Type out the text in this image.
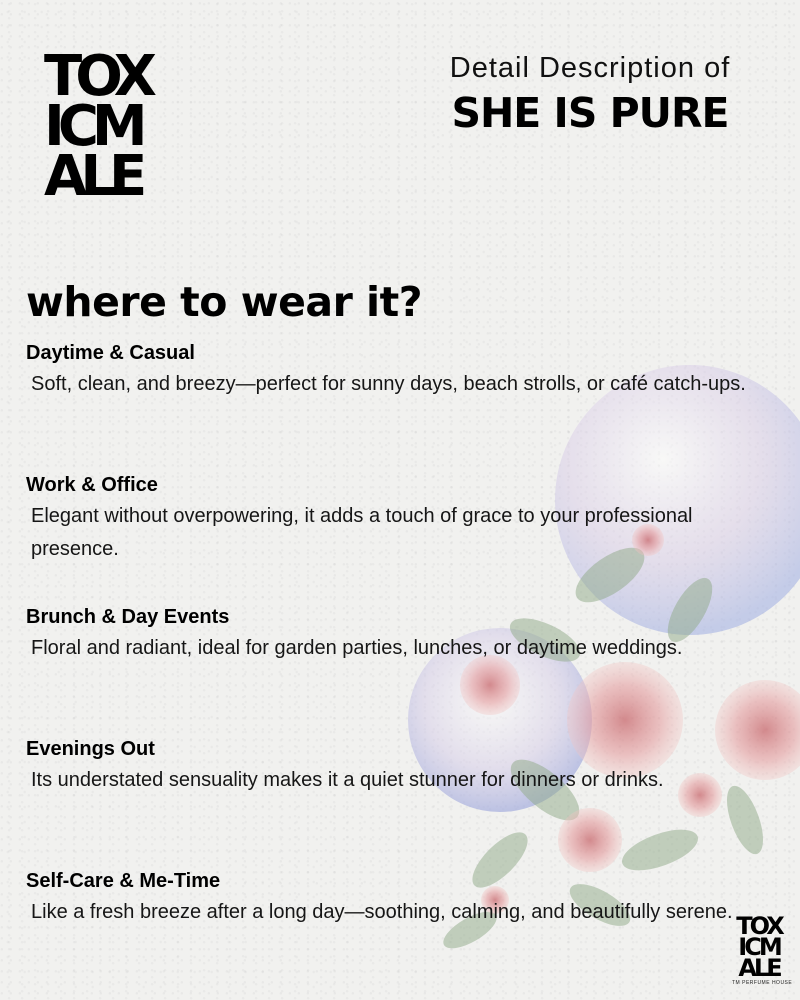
TOX
ICM
ALE
Detail Description of
SHE IS PURE
where to wear it?
Daytime & Casual
Soft, clean, and breezy—perfect for sunny days, beach strolls, or café catch-ups.
Work & Office
Elegant without overpowering, it adds a touch of grace to your professional presence.
Brunch & Day Events
Floral and radiant, ideal for garden parties, lunches, or daytime weddings.
Evenings Out
Its understated sensuality makes it a quiet stunner for dinners or drinks.
Self-Care & Me-Time
Like a fresh breeze after a long day—soothing, calming, and beautifully serene. TOX
ICM
ALE
TM PERFUME HOUSE
